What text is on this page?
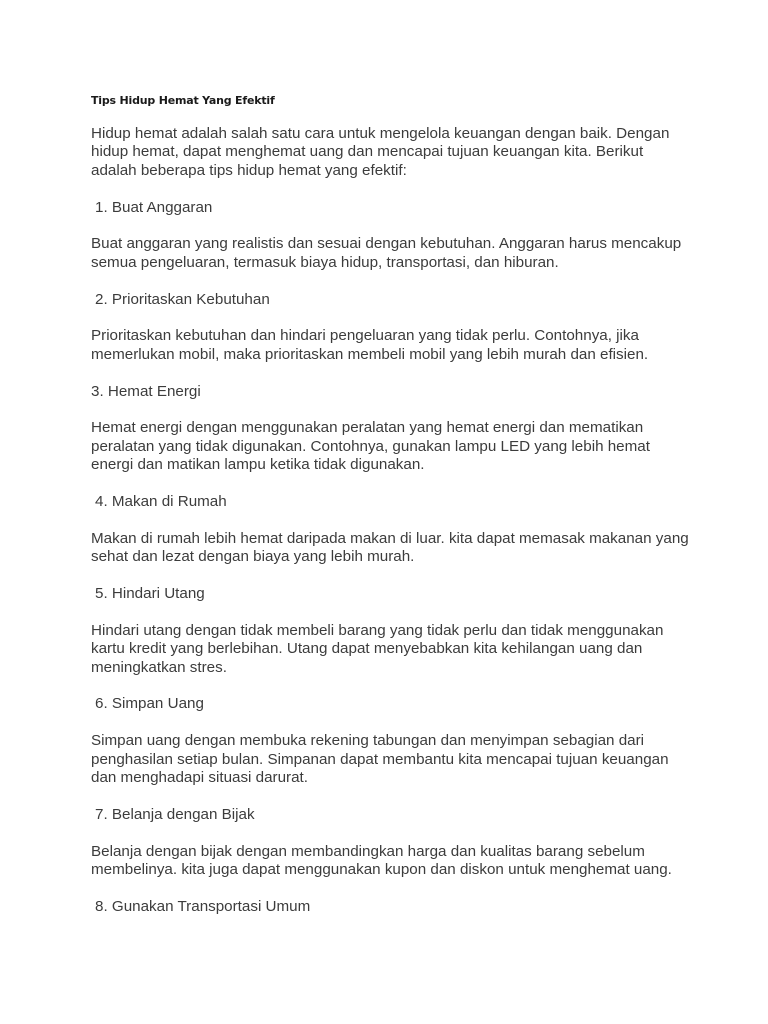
Tips Hidup Hemat Yang Efektif

Hidup hemat adalah salah satu cara untuk mengelola keuangan dengan baik. Dengan hidup hemat, dapat menghemat uang dan mencapai tujuan keuangan kita. Berikut adalah beberapa tips hidup hemat yang efektif:

1. Buat Anggaran

Buat anggaran yang realistis dan sesuai dengan kebutuhan. Anggaran harus mencakup semua pengeluaran, termasuk biaya hidup, transportasi, dan hiburan.

2. Prioritaskan Kebutuhan

Prioritaskan kebutuhan dan hindari pengeluaran yang tidak perlu. Contohnya, jika memerlukan mobil, maka prioritaskan membeli mobil yang lebih murah dan efisien.

3. Hemat Energi

Hemat energi dengan menggunakan peralatan yang hemat energi dan mematikan peralatan yang tidak digunakan. Contohnya, gunakan lampu LED yang lebih hemat energi dan matikan lampu ketika tidak digunakan.

4. Makan di Rumah

Makan di rumah lebih hemat daripada makan di luar. kita dapat memasak makanan yang sehat dan lezat dengan biaya yang lebih murah.

5. Hindari Utang

Hindari utang dengan tidak membeli barang yang tidak perlu dan tidak menggunakan kartu kredit yang berlebihan. Utang dapat menyebabkan kita kehilangan uang dan meningkatkan stres.

6. Simpan Uang

Simpan uang dengan membuka rekening tabungan dan menyimpan sebagian dari penghasilan setiap bulan. Simpanan dapat membantu kita mencapai tujuan keuangan dan menghadapi situasi darurat.

7. Belanja dengan Bijak

Belanja dengan bijak dengan membandingkan harga dan kualitas barang sebelum membelinya. kita juga dapat menggunakan kupon dan diskon untuk menghemat uang.

8. Gunakan Transportasi Umum
